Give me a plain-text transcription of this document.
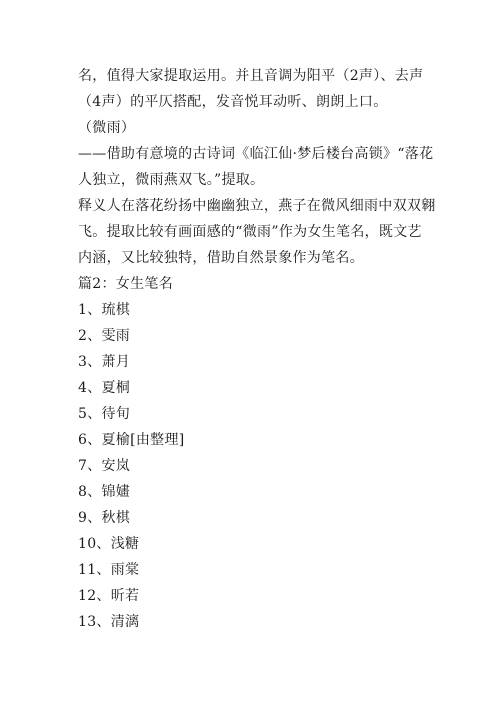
名，值得大家提取运用。并且音调为阳平（2声）、去声
（4声）的平仄搭配，发音悦耳动听、朗朗上口。
（微雨）
——借助有意境的古诗词《临江仙·梦后楼台高锁》“落花
人独立，微雨燕双飞。”提取。
释义人在落花纷扬中幽幽独立，燕子在微风细雨中双双翱
飞。提取比较有画面感的“微雨”作为女生笔名，既文艺
内涵，又比较独特，借助自然景象作为笔名。
篇2：女生笔名
1、琉棋
2、雯雨
3、萧月
4、夏桐
5、待旬
6、夏榆[由整理]
7、安岚
8、锦嫿
9、秋棋
10、浅糖
11、雨棠
12、昕若
13、清漓
